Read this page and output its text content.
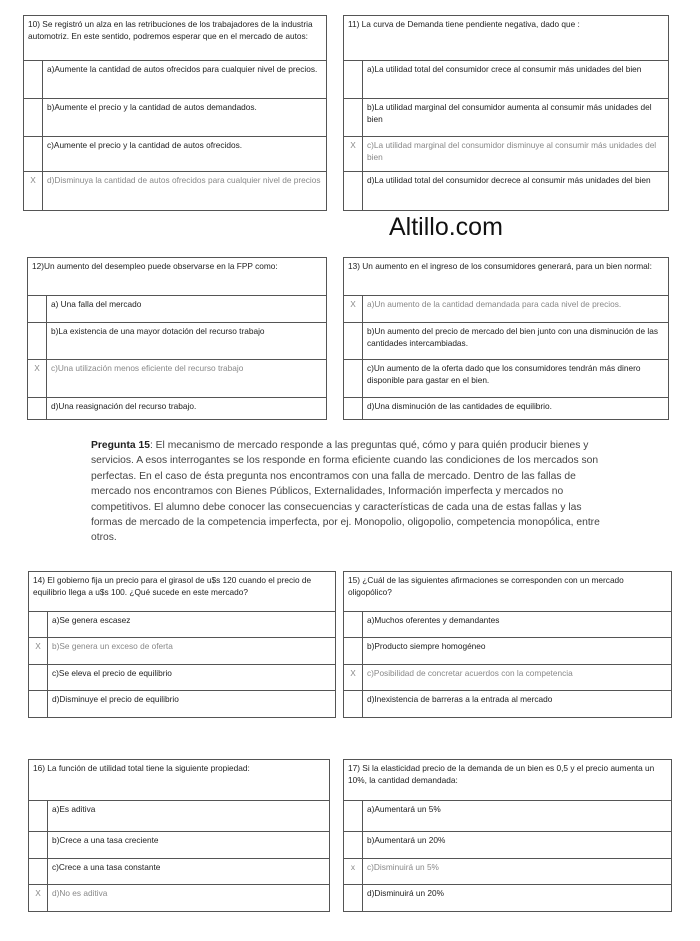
10) Se registró un alza en las retribuciones de los trabajadores de la industria automotriz. En este sentido, podremos esperar que en el mercado de autos:	
	a)Aumente la cantidad de autos ofrecidos para cualquier nivel de precios.
	b)Aumente el precio y la cantidad de autos demandados.
	c)Aumente el precio y la cantidad de autos ofrecidos.
X	d)Disminuya la cantidad de autos ofrecidos para cualquier nivel de precios
11) La curva de Demanda tiene pendiente negativa, dado que :	
	a)La utilidad total del consumidor crece al consumir más unidades del bien
	b)La utilidad marginal del consumidor aumenta al consumir más unidades del bien
X	c)La utilidad marginal del consumidor disminuye al consumir más unidades del bien
	d)La utilidad total del consumidor decrece al consumir más unidades del bien
Altillo.com
12)Un aumento del desempleo puede observarse en la FPP como:	
	a) Una falla del mercado
	b)La existencia de una mayor dotación del recurso trabajo
X	c)Una utilización menos eficiente del recurso trabajo
	d)Una reasignación del recurso trabajo.
13) Un aumento en el ingreso de los consumidores generará, para un bien normal:	
X	a)Un aumento de la cantidad demandada para cada nivel de precios.
	b)Un aumento del precio de mercado del bien junto con una disminución de las cantidades intercambiadas.
	c)Un aumento de la oferta dado que los consumidores tendrán más dinero disponible para gastar en el bien.
	d)Una disminución de las cantidades de equilibrio.
Pregunta 15: El mecanismo de mercado responde a las preguntas qué, cómo y para quién producir bienes y servicios. A esos interrogantes se los responde en forma eficiente cuando las condiciones de los mercados son perfectas. En el caso de ésta pregunta nos encontramos con una falla de mercado. Dentro de las fallas de mercado nos encontramos con Bienes Públicos, Externalidades, Información imperfecta y mercados no competitivos. El alumno debe conocer las consecuencias y características de cada una de estas fallas y las formas de mercado de la competencia imperfecta, por ej. Monopolio, oligopolio, competencia monopólica, entre otros.
14) El gobierno fija un precio para el girasol de u$s 120 cuando el precio de equilibrio llega a u$s 100. ¿Qué sucede en este mercado?	
	a)Se genera escasez
X	b)Se genera un exceso de oferta
	c)Se eleva el precio de equilibrio
	d)Disminuye el precio de equilibrio
15) ¿Cuál de las siguientes afirmaciones se corresponden con un mercado oligopólico?	
	a)Muchos oferentes y demandantes
	b)Producto siempre homogéneo
X	c)Posibilidad de concretar acuerdos con la competencia
	d)Inexistencia de barreras a la entrada al mercado
16) La función de utilidad total tiene la siguiente propiedad:	
	a)Es aditiva
	b)Crece a una tasa creciente
	c)Crece a una tasa constante
X	d)No es aditiva
17) Si la elasticidad precio de la demanda de un bien es 0,5 y el precio aumenta un 10%, la cantidad demandada:	
	a)Aumentará un 5%
	b)Aumentará un 20%
x	c)Disminuirá un 5%
	d)Disminuirá un 20%
